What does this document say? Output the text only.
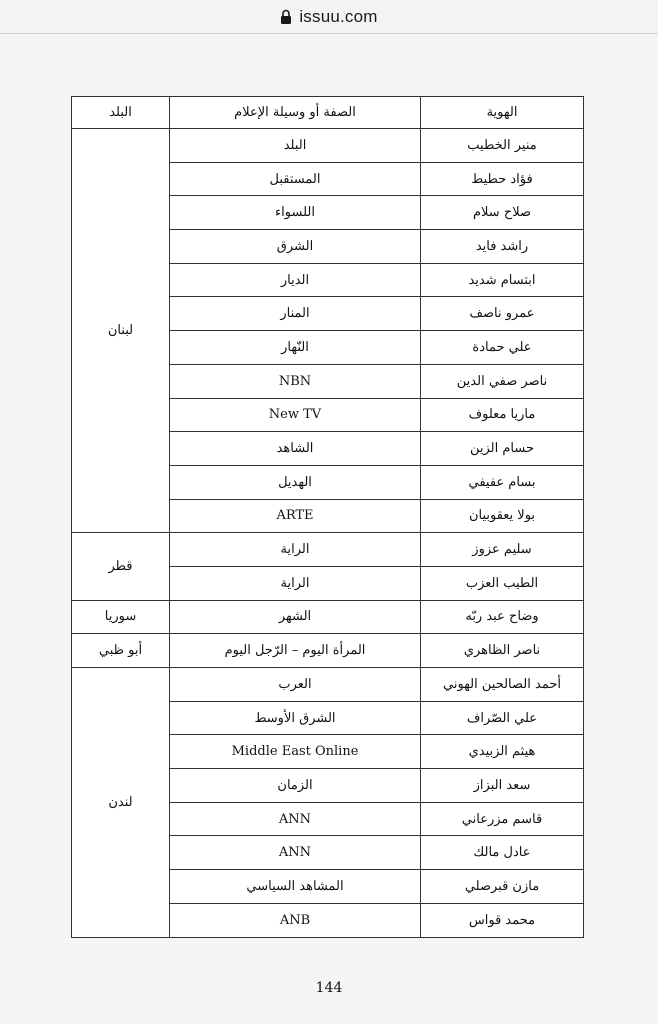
issuu.com
الهوية	الصفة أو وسيلة الإعلام	البلد
منير الخطيب	البلد	لبنان
فؤاد حطيط	المستقبل	
صلاح سلام	اللسواء	
راشد فايد	الشرق	
ابتسام شديد	الديار	
عمرو ناصف	المنار	
علي حمادة	النّهار	
ناصر صفي الدين	NBN	
ماريا معلوف	New TV	
حسام الزين	الشاهد	
بسام عفيفي	الهديل	
بولا يعقوبيان	ARTE	
سليم عزوز	الراية	قطر
الطيب العزب	الراية	
وضاح عبد ربّه	الشهر	سوريا
ناصر الظاهري	المرأة اليوم – الرّجل اليوم	أبو ظبي
أحمد الصالحين الهوني	العرب	لندن
علي الصّراف	الشرق الأوسط	
هيثم الزبيدي	Middle East Online	
سعد البزاز	الزمان	
قاسم مزرعاني	ANN	
عادل مالك	ANN	
مازن قبرصلي	المشاهد السياسي	
محمد قواس	ANB	
144
